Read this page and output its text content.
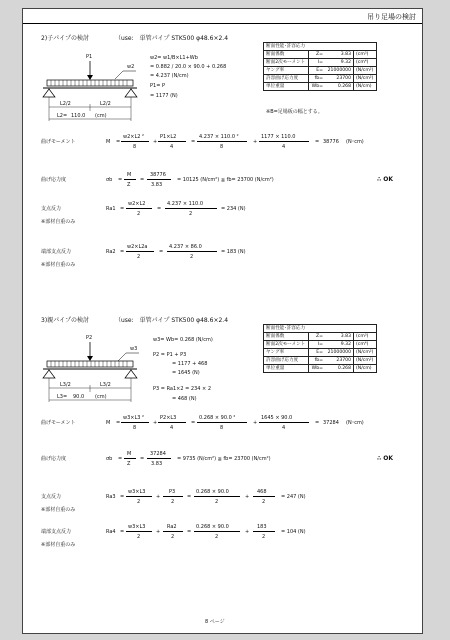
吊り足場の検討
2)子パイプの検討	（use:　単管パイプ STK500 φ48.6×2.4
P1
w2
L2/2	L2/2
L2= 110.0 (cm)
w2= w1/B×L1+Wb
= 0.882 / 20.0 × 90.0 + 0.268
= 4.237 (N/cm)
P1= P
= 1177 (N)
断面性能･許容応力			
断面係数	Z=	3.83	(cm³)
断面2次モーメント	I=	9.32	(cm⁴)
ヤング率	E=	21000000	(N/cm²)
許容曲げ応力度	fb=	23700	(N/cm²)
単位重量	Wb=	0.268	(N/cm)
※B=足場板の幅とする。
曲げモーメント	M =
w2×L2 ²
8
+
P1×L2
4
=
4.237 × 110.0 ²
8
+
1177 × 110.0
4
= 38776 (N･cm)
曲げ応力度	σb =
M
Z
=
38776
3.83
= 10125 (N/cm²) ≦ fb= 23700 (N/cm²)	∴ OK
支点反力
※部材自重のみ
Ra1 =
w2×L2
2
=
4.237 × 110.0
2
= 234 (N)
端部支点反力
※部材自重のみ
Ra2 =
w2×L2a
2
=
4.237 × 86.0
2
= 183 (N)
3)親パイプの検討	（use:　単管パイプ STK500 φ48.6×2.4
P2
w3
L3/2	L3/2
L3= 90.0 (cm)
w3= Wb= 0.268 (N/cm)
P2 = P1 + P3
= 1177 + 468
= 1645 (N)
P3 = Ra1×2 = 234 × 2
= 468 (N)
断面性能･許容応力			
断面係数	Z=	3.83	(cm³)
断面2次モーメント	I=	9.32	(cm⁴)
ヤング率	E=	21000000	(N/cm²)
許容曲げ応力度	fb=	23700	(N/cm²)
単位重量	Wb=	0.268	(N/cm)
曲げモーメント	M =
w3×L3 ²
8
+
P2×L3
4
=
0.268 × 90.0 ²
8
+
1645 × 90.0
4
= 37284 (N･cm)
曲げ応力度	σb =
M
Z
=
37284
3.83
= 9735 (N/cm²) ≦ fb= 23700 (N/cm²)	∴ OK
支点反力
※部材自重のみ
Ra3 =
w3×L3
2
+
P3
2
=
0.268 × 90.0
2
+
468
2
= 247 (N)
端部支点反力
※部材自重のみ
Ra4 =
w3×L3
2
+
Ra2
2
=
0.268 × 90.0
2
+
183
2
= 104 (N)
8 ページ
